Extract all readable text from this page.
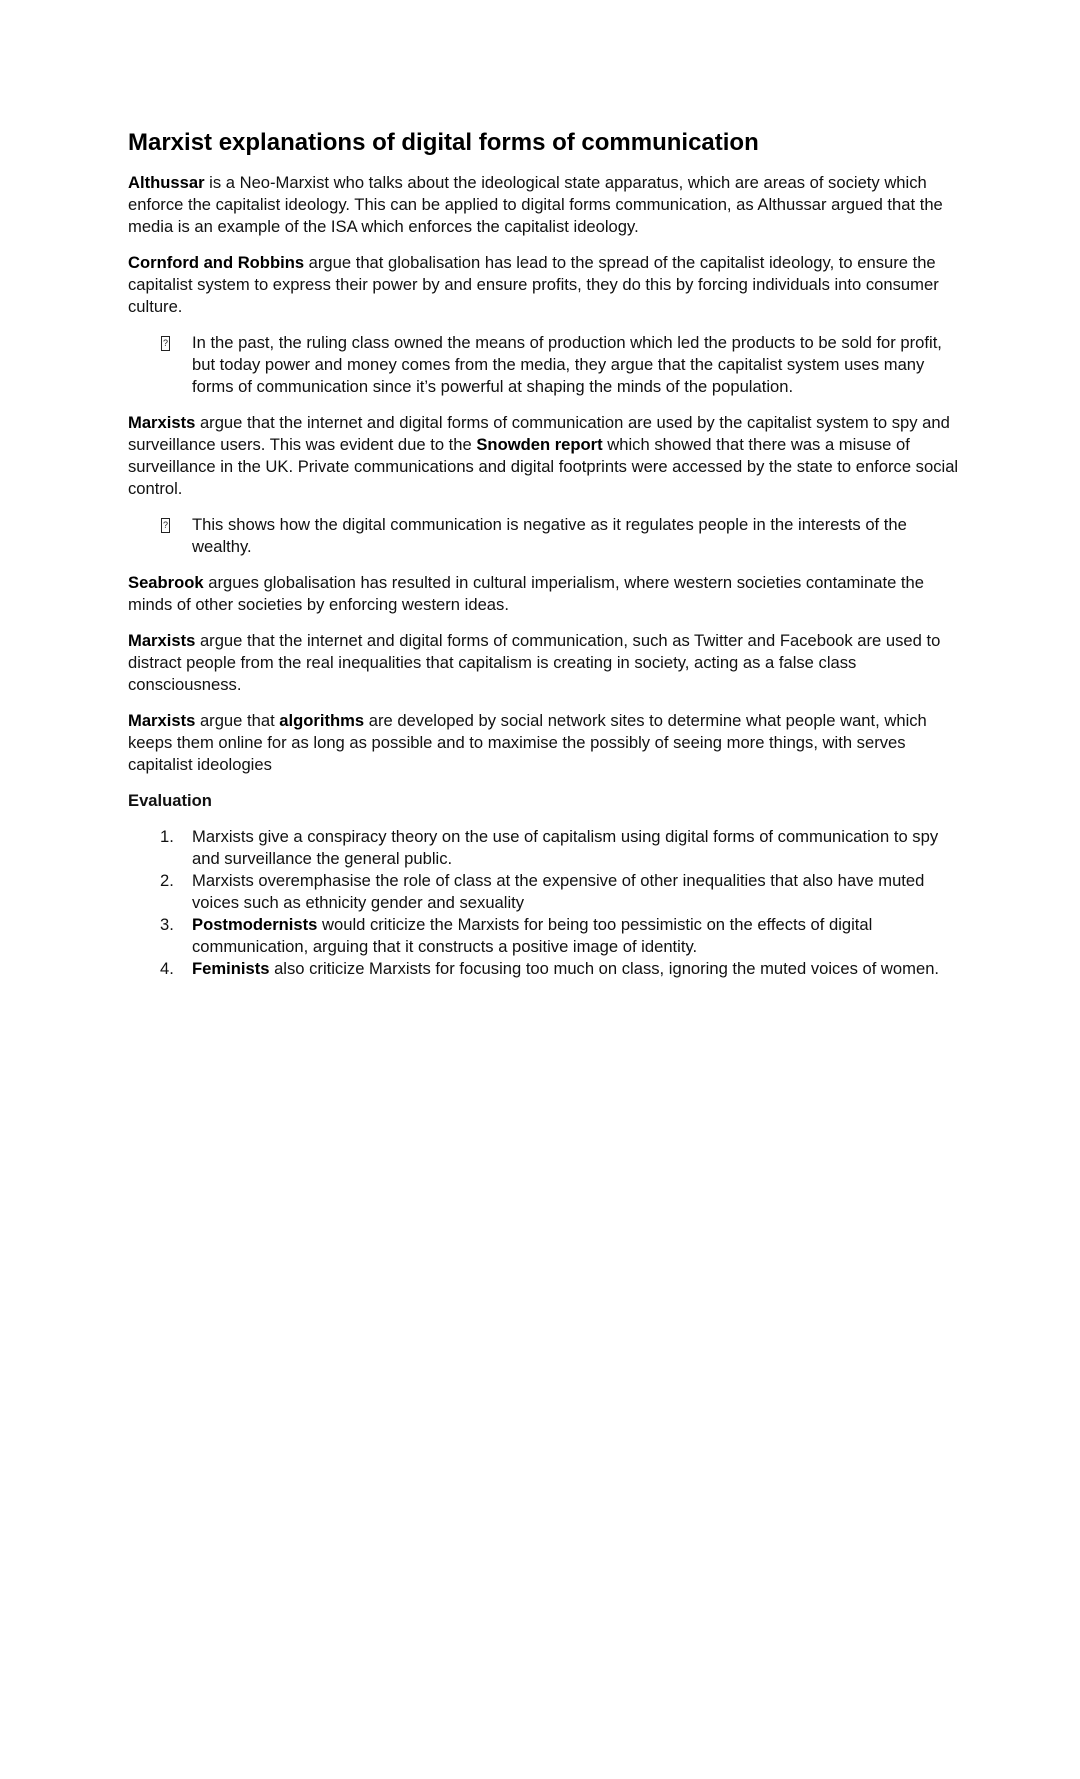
Marxist explanations of digital forms of communication

Althussar is a Neo-Marxist who talks about the ideological state apparatus, which are areas of society which enforce the capitalist ideology. This can be applied to digital forms communication, as Althussar argued that the media is an example of the ISA which enforces the capitalist ideology.

Cornford and Robbins argue that globalisation has lead to the spread of the capitalist ideology, to ensure the capitalist system to express their power by and ensure profits, they do this by forcing individuals into consumer culture.

? In the past, the ruling class owned the means of production which led the products to be sold for profit, but today power and money comes from the media, they argue that the capitalist system uses many forms of communication since it’s powerful at shaping the minds of the population.

Marxists argue that the internet and digital forms of communication are used by the capitalist system to spy and surveillance users. This was evident due to the Snowden report which showed that there was a misuse of surveillance in the UK. Private communications and digital footprints were accessed by the state to enforce social control.

? This shows how the digital communication is negative as it regulates people in the interests of the wealthy.

Seabrook argues globalisation has resulted in cultural imperialism, where western societies contaminate the minds of other societies by enforcing western ideas.

Marxists argue that the internet and digital forms of communication, such as Twitter and Facebook are used to distract people from the real inequalities that capitalism is creating in society, acting as a false class consciousness.

Marxists argue that algorithms are developed by social network sites to determine what people want, which keeps them online for as long as possible and to maximise the possibly of seeing more things, with serves capitalist ideologies

Evaluation

1. Marxists give a conspiracy theory on the use of capitalism using digital forms of communication to spy and surveillance the general public.
2. Marxists overemphasise the role of class at the expensive of other inequalities that also have muted voices such as ethnicity gender and sexuality
3. Postmodernists would criticize the Marxists for being too pessimistic on the effects of digital communication, arguing that it constructs a positive image of identity.
4. Feminists also criticize Marxists for focusing too much on class, ignoring the muted voices of women.
